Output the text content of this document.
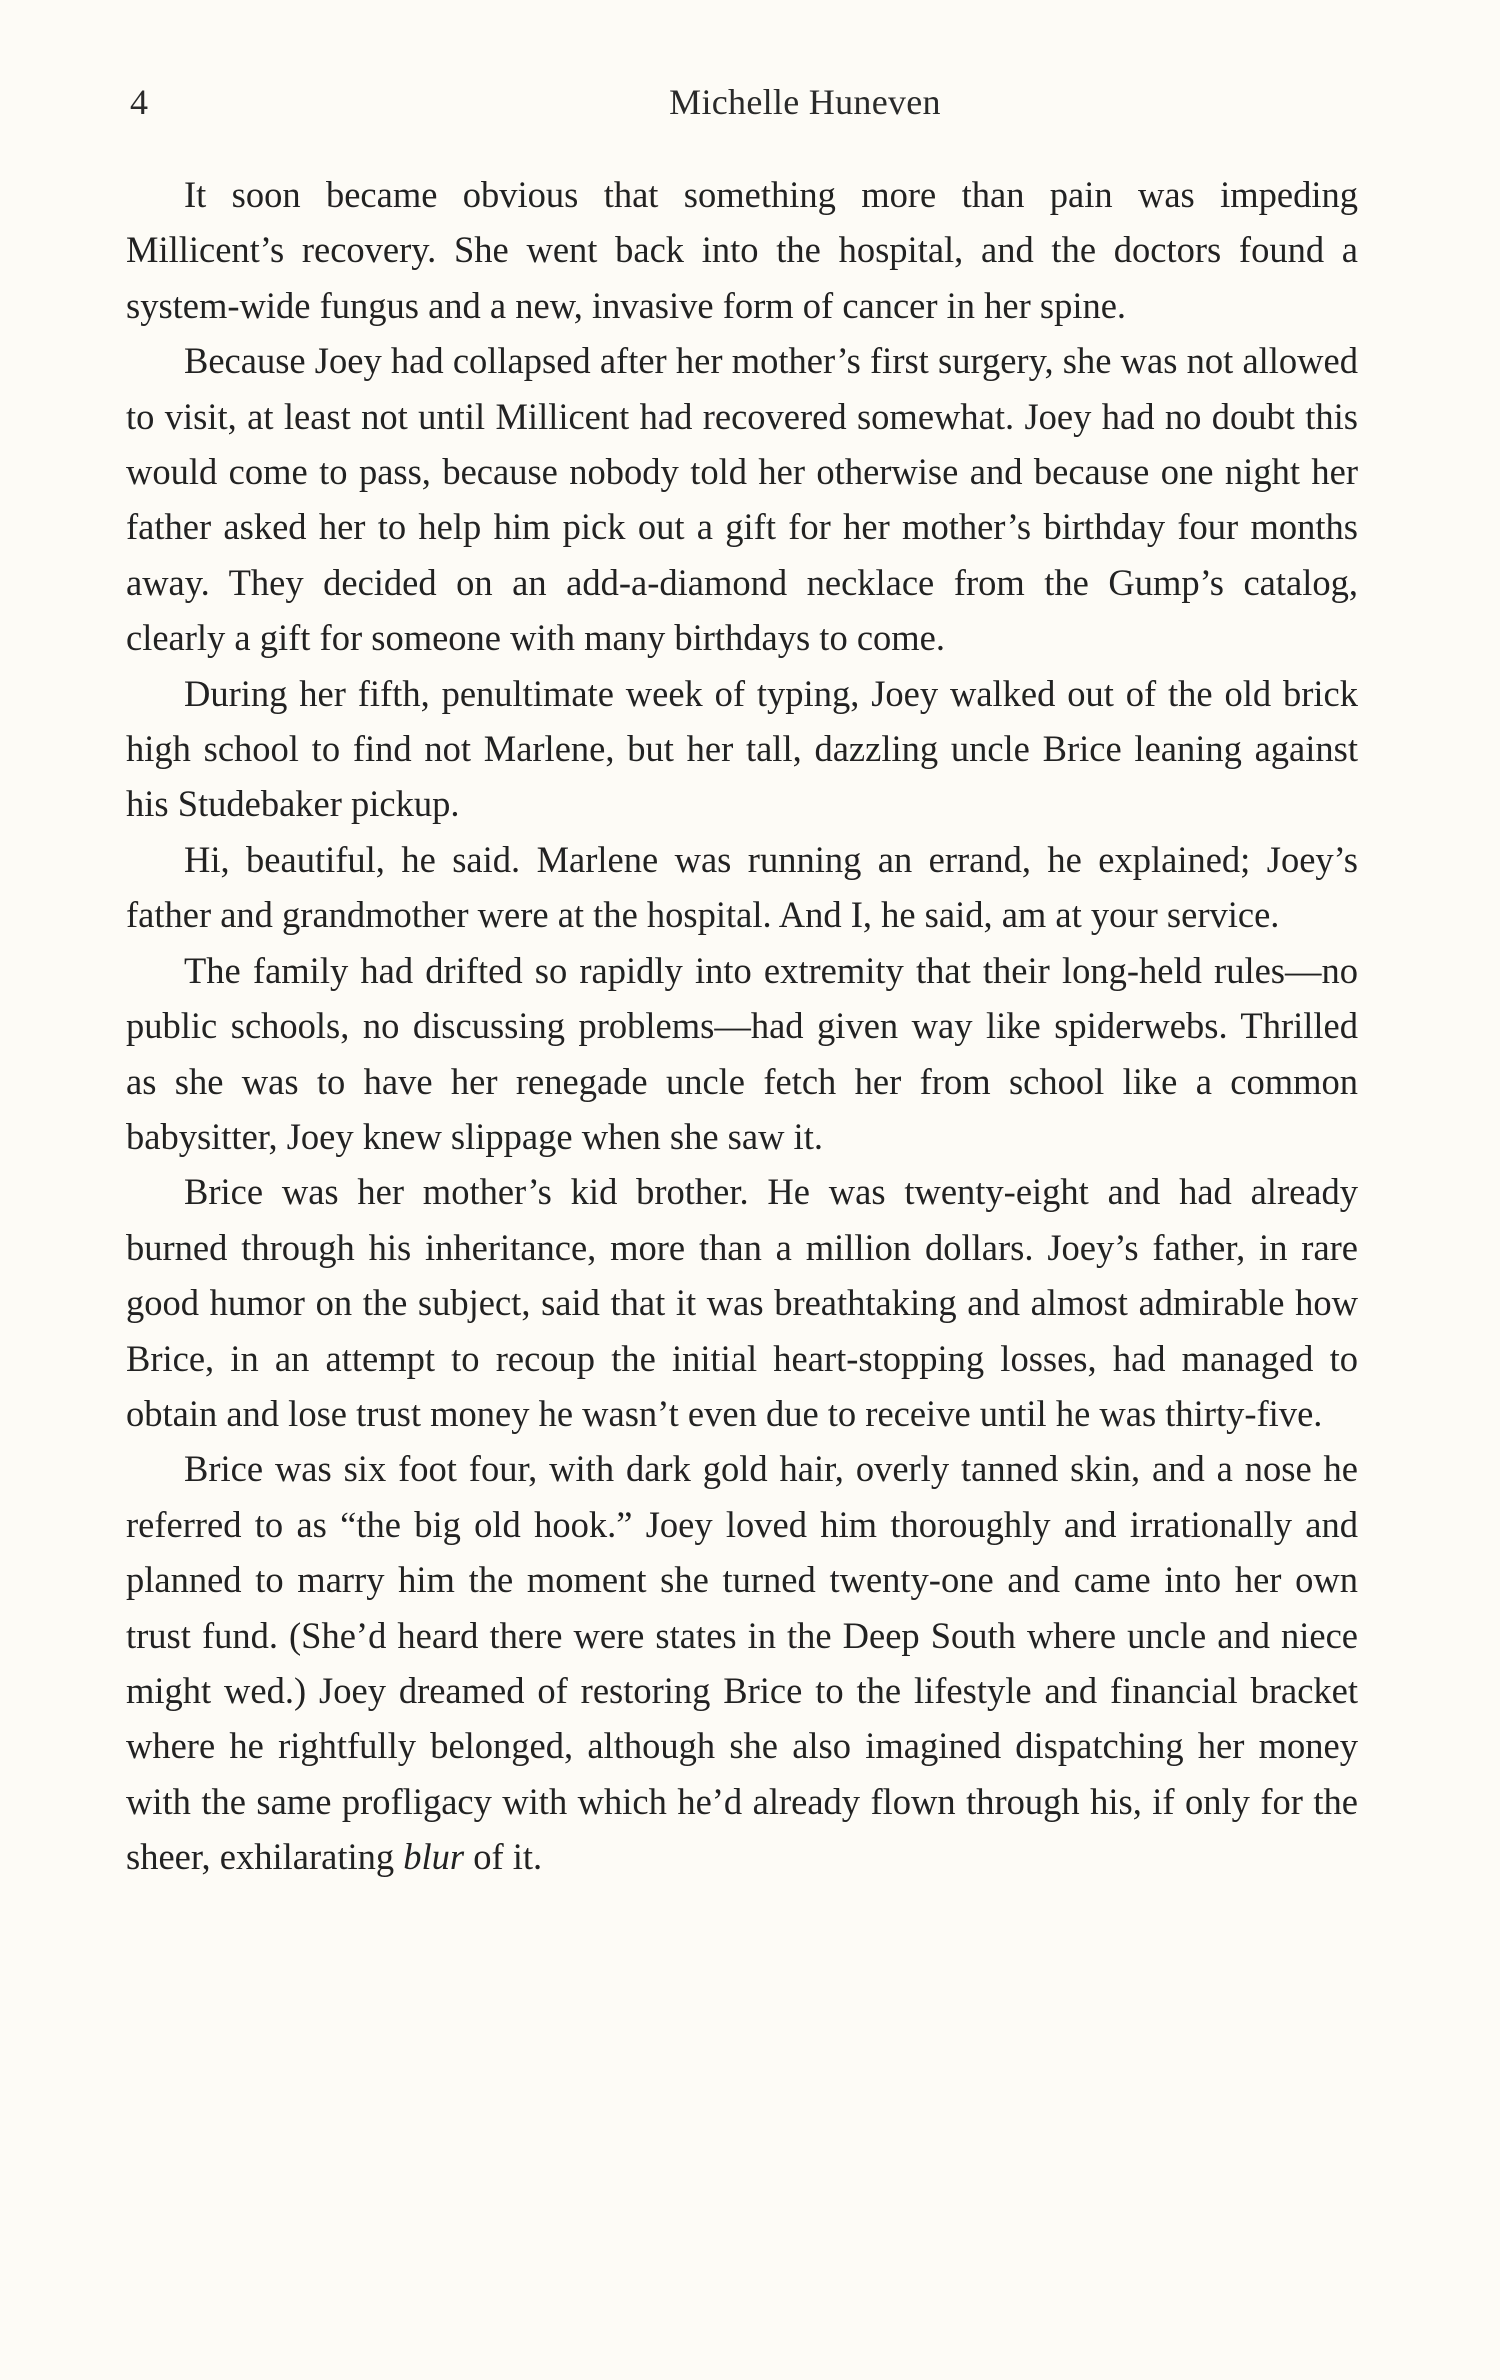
4	Michelle Huneven

It soon became obvious that something more than pain was impeding Millicent’s recovery. She went back into the hospital, and the doctors found a system-wide fungus and a new, invasive form of cancer in her spine.

Because Joey had collapsed after her mother’s first surgery, she was not allowed to visit, at least not until Millicent had recovered somewhat. Joey had no doubt this would come to pass, because nobody told her otherwise and because one night her father asked her to help him pick out a gift for her mother’s birthday four months away. They decided on an add-a-diamond necklace from the Gump’s catalog, clearly a gift for someone with many birthdays to come.

During her fifth, penultimate week of typing, Joey walked out of the old brick high school to find not Marlene, but her tall, dazzling uncle Brice leaning against his Studebaker pickup.

Hi, beautiful, he said. Marlene was running an errand, he explained; Joey’s father and grandmother were at the hospital. And I, he said, am at your service.

The family had drifted so rapidly into extremity that their long-held rules—no public schools, no discussing problems—had given way like spiderwebs. Thrilled as she was to have her renegade uncle fetch her from school like a common babysitter, Joey knew slippage when she saw it.

Brice was her mother’s kid brother. He was twenty-eight and had already burned through his inheritance, more than a million dollars. Joey’s father, in rare good humor on the subject, said that it was breathtaking and almost admirable how Brice, in an attempt to recoup the initial heart-stopping losses, had managed to obtain and lose trust money he wasn’t even due to receive until he was thirty-five.

Brice was six foot four, with dark gold hair, overly tanned skin, and a nose he referred to as “the big old hook.” Joey loved him thoroughly and irrationally and planned to marry him the moment she turned twenty-one and came into her own trust fund. (She’d heard there were states in the Deep South where uncle and niece might wed.) Joey dreamed of restoring Brice to the lifestyle and financial bracket where he rightfully belonged, although she also imagined dispatching her money with the same profligacy with which he’d already flown through his, if only for the sheer, exhilarating blur of it.
